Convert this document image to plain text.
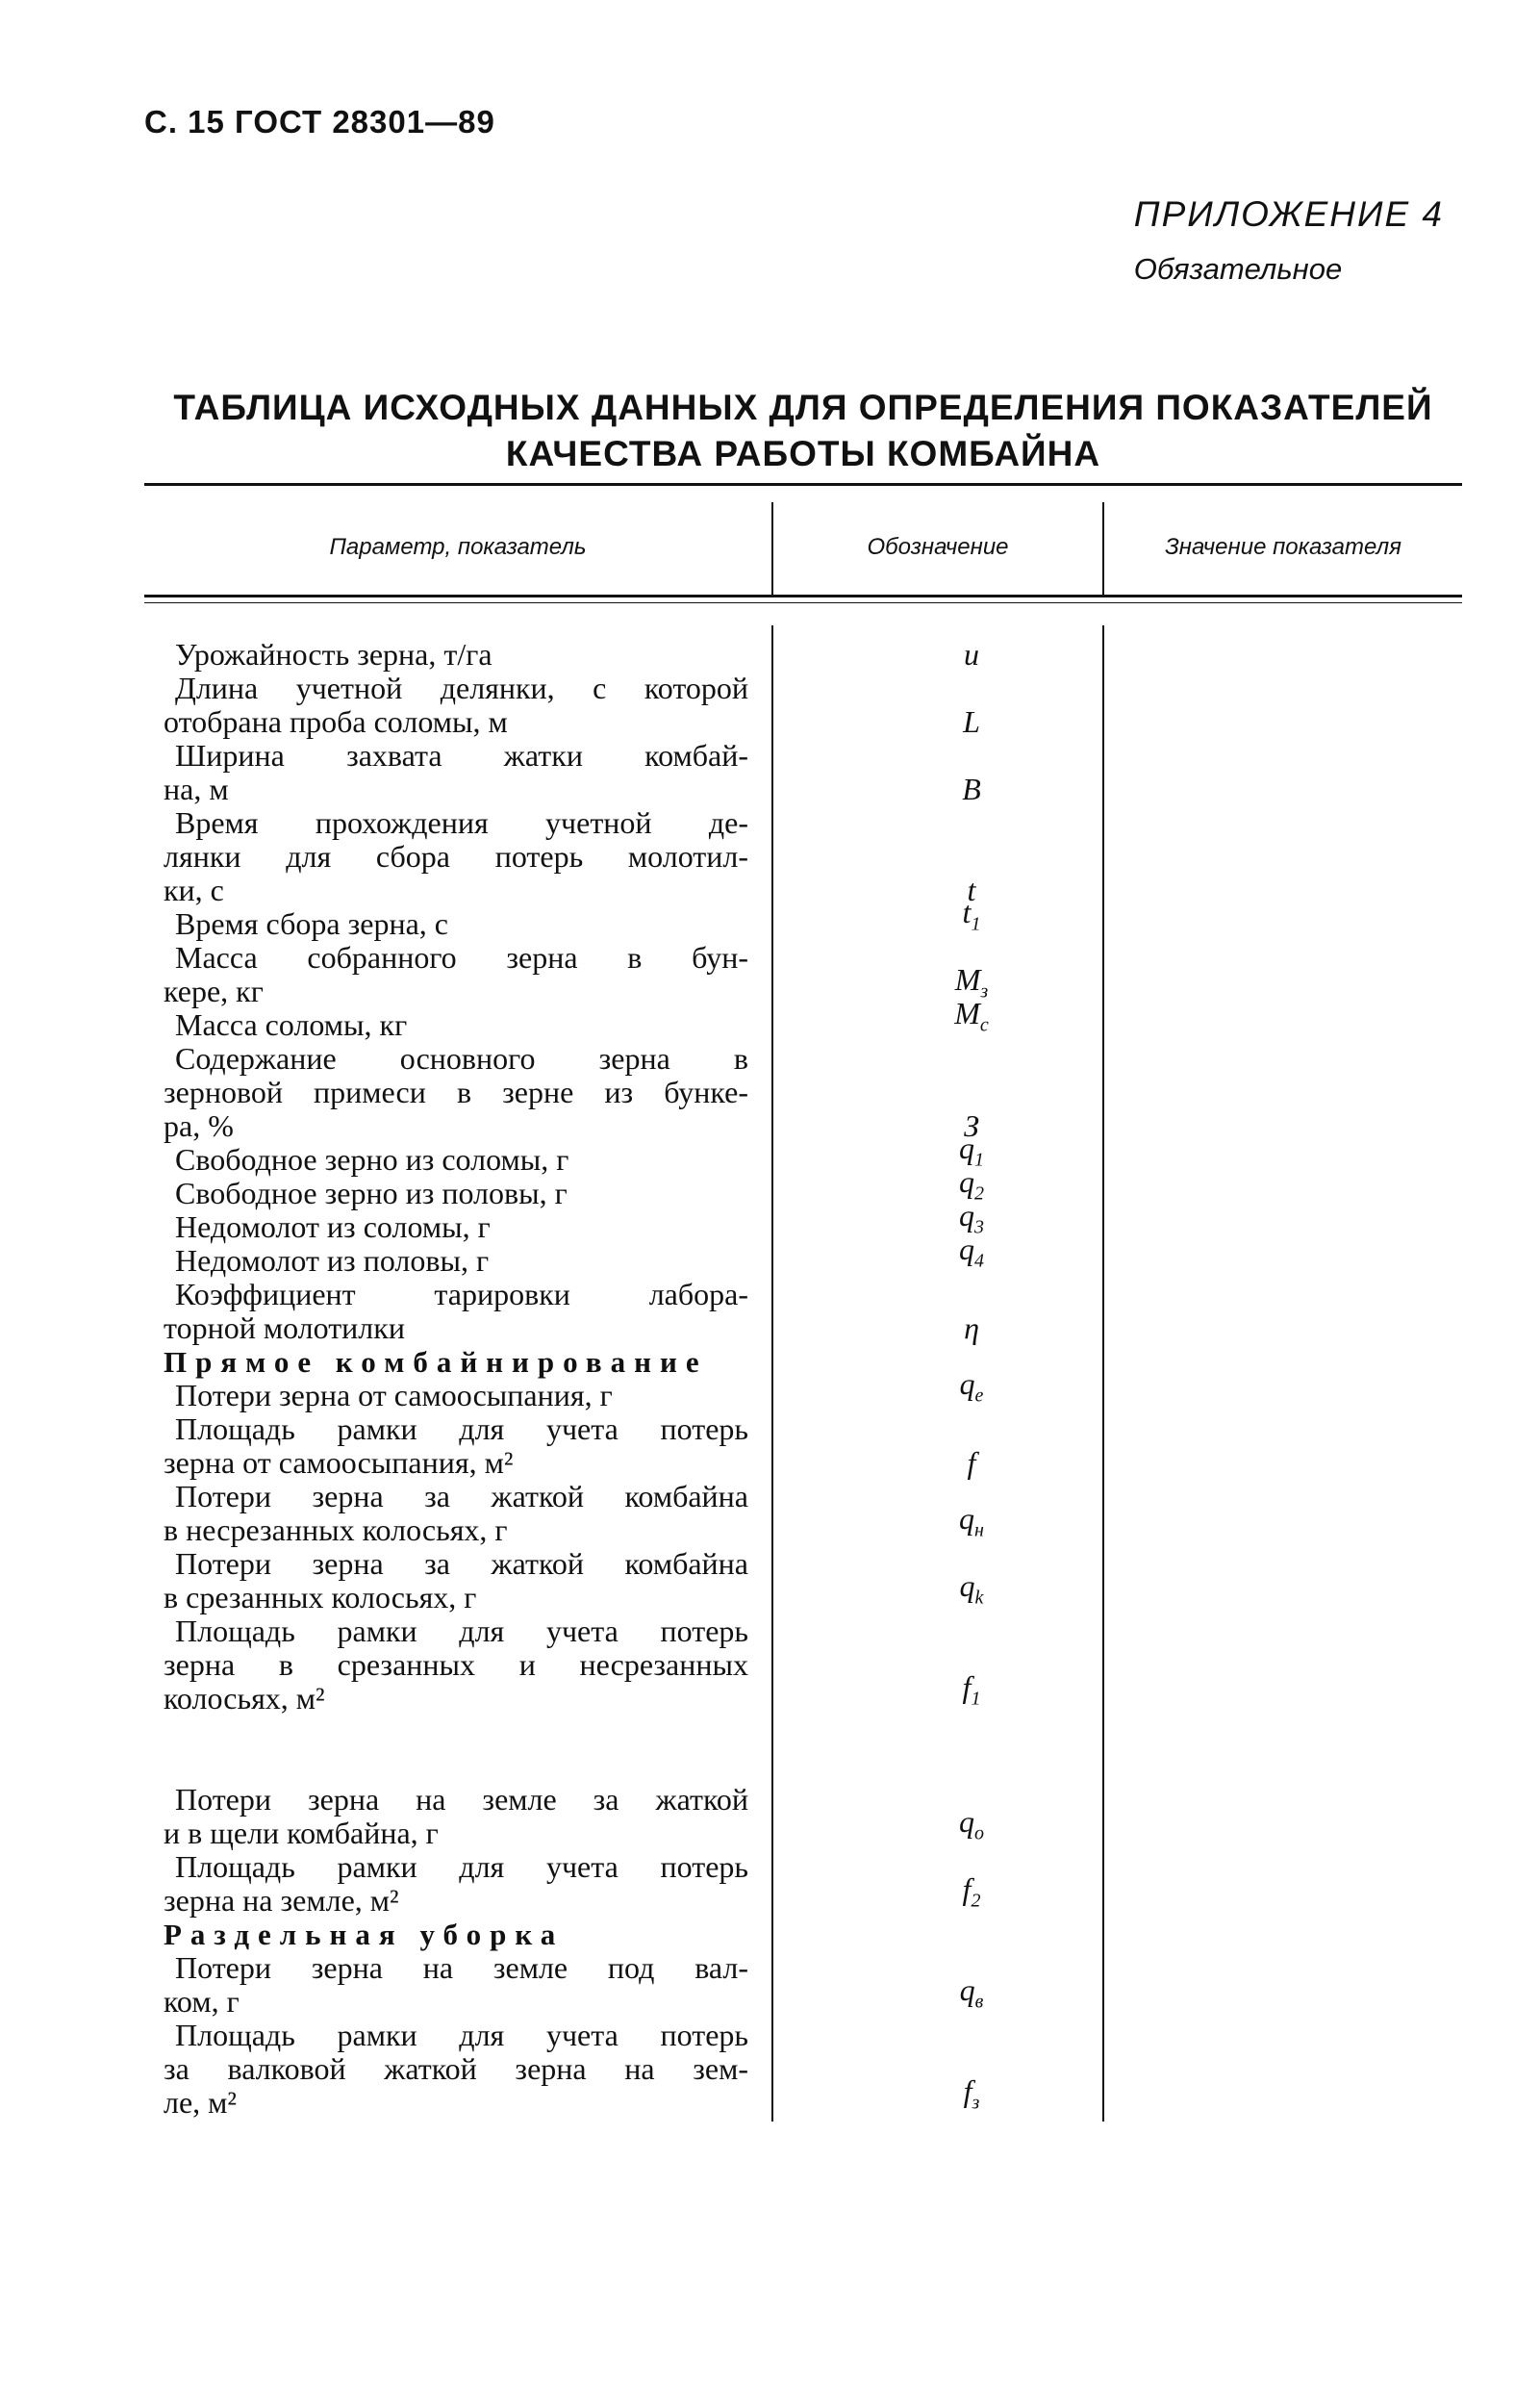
С. 15 ГОСТ 28301—89
ПРИЛОЖЕНИЕ 4
Обязательное
ТАБЛИЦА ИСХОДНЫХ ДАННЫХ ДЛЯ ОПРЕДЕЛЕНИЯ ПОКАЗАТЕЛЕЙ
КАЧЕСТВА РАБОТЫ КОМБАЙНА
Параметр, показатель	Обозначение	Значение показателя
Урожайность зерна, т/га	u
Длина учетной делянки, с которой
отобрана проба соломы, м	L
Ширина захвата жатки комбай-
на, м	B
Время прохождения учетной де-
лянки для сбора потерь молотил-
ки, с	t
Время сбора зерна, с	$t_1$
Масса собранного зерна в бун-
кере, кг	$M_з$
Масса соломы, кг	$M_c$
Содержание основного зерна в
зерновой примеси в зерне из бунке-
ра, %	З
Свободное зерно из соломы, г	$q_1$
Свободное зерно из половы, г	$q_2$
Недомолот из соломы, г	$q_3$
Недомолот из половы, г	$q_4$
Коэффициент тарировки лабора-
торной молотилки	η
Прямое комбайнирование
Потери зерна от самоосыпания, г	$q_e$
Площадь рамки для учета потерь
зерна от самоосыпания, м²	f
Потери зерна за жаткой комбайна
в несрезанных колосьях, г	$q_н$
Потери зерна за жаткой комбайна
в срезанных колосьях, г	$q_k$
Площадь рамки для учета потерь
зерна в срезанных и несрезанных
колосьях, м²	$f_1$
Потери зерна на земле за жаткой
и в щели комбайна, г	$q_о$
Площадь рамки для учета потерь
зерна на земле, м²	$f_2$
Раздельная уборка
Потери зерна на земле под вал-
ком, г	$q_в$
Площадь рамки для учета потерь
за валковой жаткой зерна на зем-
ле, м²	$f_з$
